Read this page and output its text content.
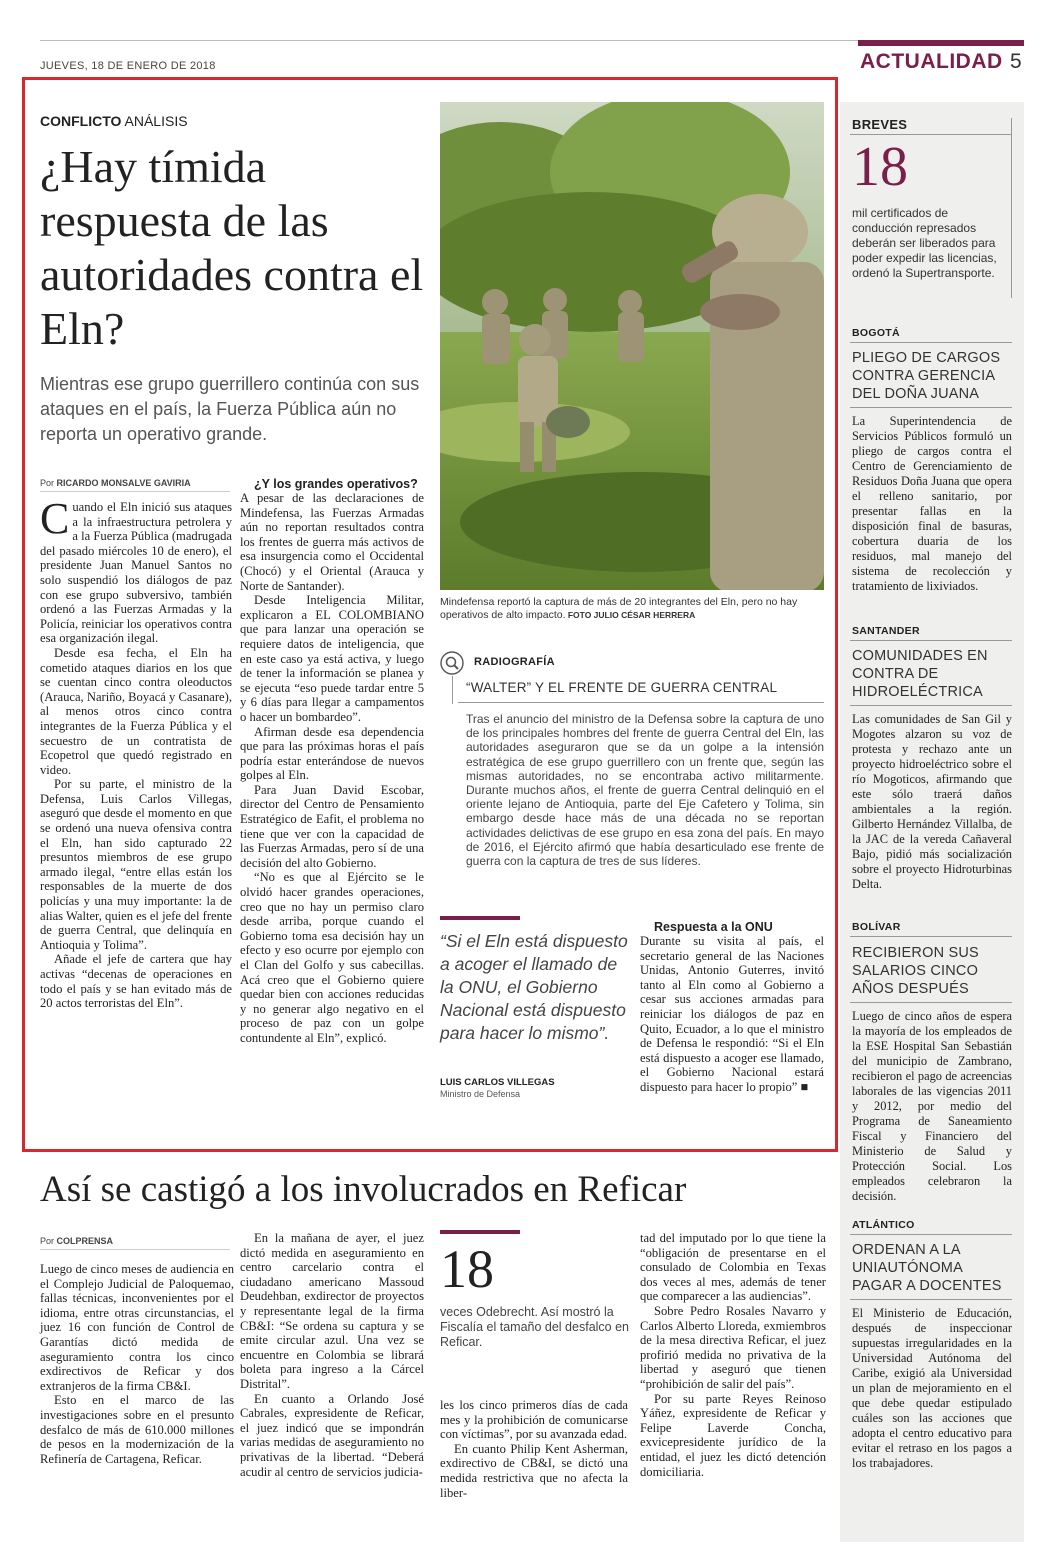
JUEVES, 18 DE ENERO DE 2018	ACTUALIDAD 5
CONFLICTO ANÁLISIS
¿Hay tímida respuesta de las autoridades contra el Eln?
Mientras ese grupo guerrillero continúa con sus ataques en el país, la Fuerza Pública aún no reporta un operativo grande.
Por RICARDO MONSALVE GAVIRIA

Cuando el Eln inició sus ataques a la infraestructura petrolera y a la Fuerza Pública (madrugada del pasado miércoles 10 de enero), el presidente Juan Manuel Santos no solo suspendió los diálogos de paz con ese grupo subversivo, también ordenó a las Fuerzas Armadas y la Policía, reiniciar los operativos contra esa organización ilegal.

Desde esa fecha, el Eln ha cometido ataques diarios en los que se cuentan cinco contra oleoductos (Arauca, Nariño, Boyacá y Casanare), al menos otros cinco contra integrantes de la Fuerza Pública y el secuestro de un contratista de Ecopetrol que quedó registrado en video.

Por su parte, el ministro de la Defensa, Luis Carlos Villegas, aseguró que desde el momento en que se ordenó una nueva ofensiva contra el Eln, han sido capturado 22 presuntos miembros de ese grupo armado ilegal, “entre ellas están los responsables de la muerte de dos policías y una muy importante: la de alias Walter, quien es el jefe del frente de guerra Central, que delinquía en Antioquia y Tolima”.

Añade el jefe de cartera que hay activas “decenas de operaciones en todo el país y se han evitado más de 20 actos terroristas del Eln”.

¿Y los grandes operativos?

A pesar de las declaraciones de Mindefensa, las Fuerzas Armadas aún no reportan resultados contra los frentes de guerra más activos de esa insurgencia como el Occidental (Chocó) y el Oriental (Arauca y Norte de Santander).

Desde Inteligencia Militar, explicaron a EL COLOMBIANO que para lanzar una operación se requiere datos de inteligencia, que en este caso ya está activa, y luego de tener la información se planea y se ejecuta “eso puede tardar entre 5 y 6 días para llegar a campamentos o hacer un bombardeo”.

Afirman desde esa dependencia que para las próximas horas el país podría estar enterándose de nuevos golpes al Eln.

Para Juan David Escobar, director del Centro de Pensamiento Estratégico de Eafit, el problema no tiene que ver con la capacidad de las Fuerzas Armadas, pero sí de una decisión del alto Gobierno.

“No es que al Ejército se le olvidó hacer grandes operaciones, creo que no hay un permiso claro desde arriba, porque cuando el Gobierno toma esa decisión hay un efecto y eso ocurre por ejemplo con el Clan del Golfo y sus cabecillas. Acá creo que el Gobierno quiere quedar bien con acciones reducidas y no generar algo negativo en el proceso de paz con un golpe contundente al Eln”, explicó.

Mindefensa reportó la captura de más de 20 integrantes del Eln, pero no hay operativos de alto impacto. FOTO JULIO CÉSAR HERRERA
RADIOGRAFÍA
“WALTER” Y EL FRENTE DE GUERRA CENTRAL
Tras el anuncio del ministro de la Defensa sobre la captura de uno de los principales hombres del frente de guerra Central del Eln, las autoridades aseguraron que se da un golpe a la intensión estratégica de ese grupo guerrillero con un frente que, según las mismas autoridades, no se encontraba activo militarmente. Durante muchos años, el frente de guerra Central delinquió en el oriente lejano de Antioquia, parte del Eje Cafetero y Tolima, sin embargo desde hace más de una década no se reportan actividades delictivas de ese grupo en esa zona del país. En mayo de 2016, el Ejército afirmó que había desarticulado ese frente de guerra con la captura de tres de sus líderes.
“Si el Eln está dispuesto a acoger el llamado de la ONU, el Gobierno Nacional está dispuesto para hacer lo mismo”.
LUIS CARLOS VILLEGAS
Ministro de Defensa

Respuesta a la ONU

Durante su visita al país, el secretario general de las Naciones Unidas, Antonio Guterres, invitó tanto al Eln como al Gobierno a cesar sus acciones armadas para reiniciar los diálogos de paz en Quito, Ecuador, a lo que el ministro de Defensa le respondió: “Si el Eln está dispuesto a acoger ese llamado, el Gobierno Nacional estará dispuesto para hacer lo propio” ■

Así se castigó a los involucrados en Reficar
Por COLPRENSA

Luego de cinco meses de audiencia en el Complejo Judicial de Paloquemao, fallas técnicas, inconvenientes por el idioma, entre otras circunstancias, el juez 16 con función de Control de Garantías dictó medida de aseguramiento contra los cinco exdirectivos de Reficar y dos extranjeros de la firma CB&I.

Esto en el marco de las investigaciones sobre en el presunto desfalco de más de 610.000 millones de pesos en la modernización de la Refinería de Cartagena, Reficar.

En la mañana de ayer, el juez dictó medida en aseguramiento en centro carcelario contra el ciudadano americano Massoud Deudehban, exdirector de proyectos y representante legal de la firma CB&I: “Se ordena su captura y se emite circular azul. Una vez se encuentre en Colombia se librará boleta para ingreso a la Cárcel Distrital”.

En cuanto a Orlando José Cabrales, expresidente de Reficar, el juez indicó que se impondrán varias medidas de aseguramiento no privativas de la libertad. “Deberá acudir al centro de servicios judicia-

18
veces Odebrecht. Así mostró la Fiscalía el tamaño del desfalco en Reficar.

les los cinco primeros días de cada mes y la prohibición de comunicarse con víctimas”, por su avanzada edad.

En cuanto Philip Kent Asherman, exdirectivo de CB&I, se dictó una medida restrictiva que no afecta la liber-

tad del imputado por lo que tiene la “obligación de presentarse en el consulado de Colombia en Texas dos veces al mes, además de tener que comparecer a las audiencias”.

Sobre Pedro Rosales Navarro y Carlos Alberto Lloreda, exmiembros de la mesa directiva Reficar, el juez profirió medida no privativa de la libertad y aseguró que tienen “prohibición de salir del país”.

Por su parte Reyes Reinoso Yáñez, expresidente de Reficar y Felipe Laverde Concha, exvicepresidente jurídico de la entidad, el juez les dictó detención domiciliaria.

BREVES
18
mil certificados de conducción represados deberán ser liberados para poder expedir las licencias, ordenó la Supertransporte.
BOGOTÁ
PLIEGO DE CARGOS CONTRA GERENCIA DEL DOÑA JUANA
La Superintendencia de Servicios Públicos formuló un pliego de cargos contra el Centro de Gerenciamiento de Residuos Doña Juana que opera el relleno sanitario, por presentar fallas en la disposición final de basuras, cobertura duaria de los residuos, mal manejo del sistema de recolección y tratamiento de lixiviados.
SANTANDER
COMUNIDADES EN CONTRA DE HIDROELÉCTRICA
Las comunidades de San Gil y Mogotes alzaron su voz de protesta y rechazo ante un proyecto hidroeléctrico sobre el río Mogoticos, afirmando que este sólo traerá daños ambientales a la región. Gilberto Hernández Villalba, de la JAC de la vereda Cañaveral Bajo, pidió más socialización sobre el proyecto Hidroturbinas Delta.
BOLÍVAR
RECIBIERON SUS SALARIOS CINCO AÑOS DESPUÉS
Luego de cinco años de espera la mayoría de los empleados de la ESE Hospital San Sebastián del municipio de Zambrano, recibieron el pago de acreencias laborales de las vigencias 2011 y 2012, por medio del Programa de Saneamiento Fiscal y Financiero del Ministerio de Salud y Protección Social. Los empleados celebraron la decisión.
ATLÁNTICO
ORDENAN A LA UNIAUTÓNOMA PAGAR A DOCENTES
El Ministerio de Educación, después de inspeccionar supuestas irregularidades en la Universidad Autónoma del Caribe, exigió ala Universidad un plan de mejoramiento en el que debe quedar estipulado cuáles son las acciones que adopta el centro educativo para evitar el retraso en los pagos a los trabajadores.
